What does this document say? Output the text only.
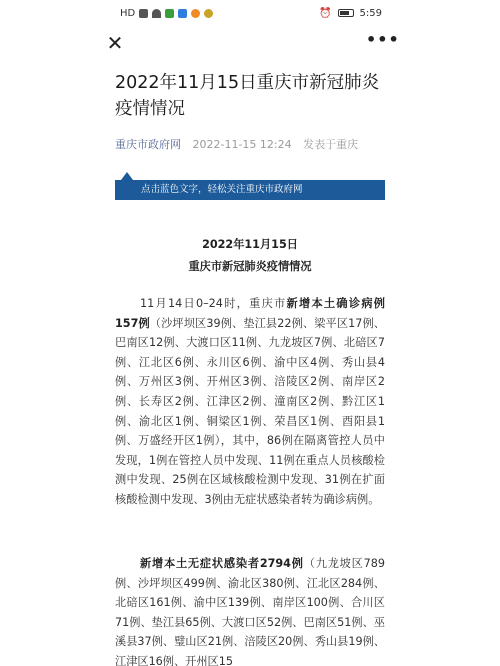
HD	⏰	5:59
✕	•••
2022年11月15日重庆市新冠肺炎疫情情况
重庆市政府网 2022-11-15 12:24 发表于重庆
点击蓝色文字，轻松关注重庆市政府网
2022年11月15日
重庆市新冠肺炎疫情情况
11月14日0–24时，重庆市新增本土确诊病例157例（沙坪坝区39例、垫江县22例、梁平区17例、巴南区12例、大渡口区11例、九龙坡区7例、北碚区7例、江北区6例、永川区6例、渝中区4例、秀山县4例、万州区3例、开州区3例、涪陵区2例、南岸区2例、长寿区2例、江津区2例、潼南区2例、黔江区1例、渝北区1例、铜梁区1例、荣昌区1例、酉阳县1例、万盛经开区1例），其中，86例在隔离管控人员中发现，1例在管控人员中发现、11例在重点人员核酸检测中发现、25例在区域核酸检测中发现、31例在扩面核酸检测中发现、3例由无症状感染者转为确诊病例。
新增本土无症状感染者2794例（九龙坡区789例、沙坪坝区499例、渝北区380例、江北区284例、北碚区161例、渝中区139例、南岸区100例、合川区71例、垫江县65例、大渡口区52例、巴南区51例、巫溪县37例、璧山区21例、涪陵区20例、秀山县19例、江津区16例、开州区15
